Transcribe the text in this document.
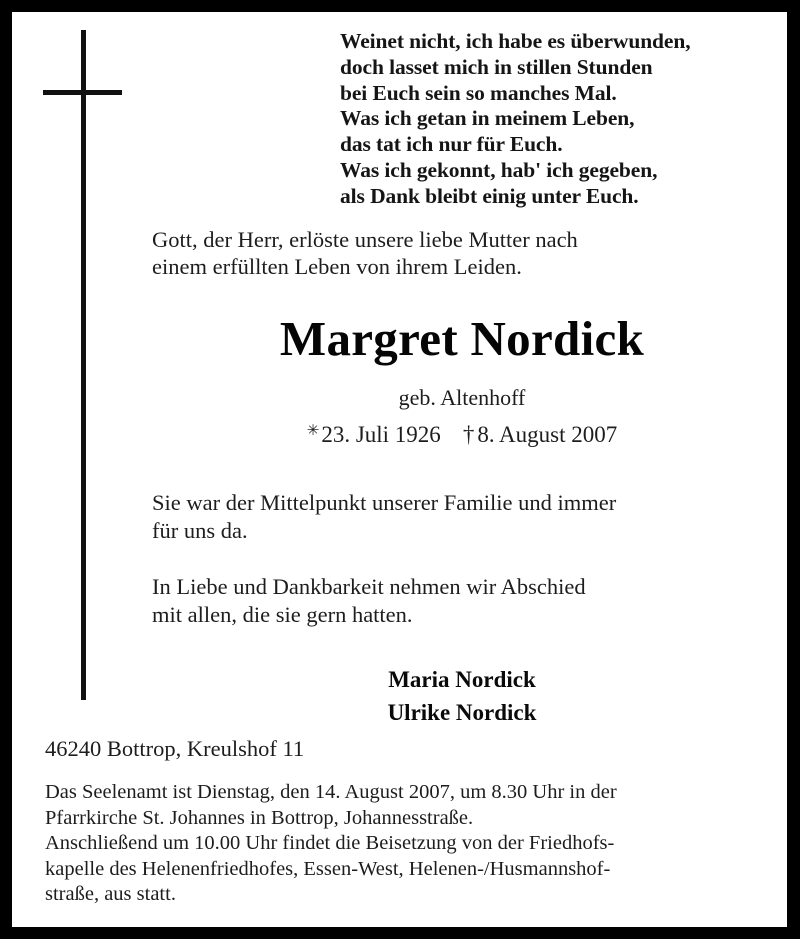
Weinet nicht, ich habe es überwunden,
doch lasset mich in stillen Stunden
bei Euch sein so manches Mal.
Was ich getan in meinem Leben,
das tat ich nur für Euch.
Was ich gekonnt, hab' ich gegeben,
als Dank bleibt einig unter Euch.
Gott, der Herr, erlöste unsere liebe Mutter nach
einem erfüllten Leben von ihrem Leiden.
Margret Nordick
geb. Altenhoff
✳23. Juli 1926 † 8. August 2007
Sie war der Mittelpunkt unserer Familie und immer
für uns da.
In Liebe und Dankbarkeit nehmen wir Abschied
mit allen, die sie gern hatten.
Maria Nordick
Ulrike Nordick
46240 Bottrop, Kreulshof 11
Das Seelenamt ist Dienstag, den 14. August 2007, um 8.30 Uhr in der
Pfarrkirche St. Johannes in Bottrop, Johannesstraße.
Anschließend um 10.00 Uhr findet die Beisetzung von der Friedhofs-
kapelle des Helenenfriedhofes, Essen-West, Helenen-/Husmannshof-
straße, aus statt.
